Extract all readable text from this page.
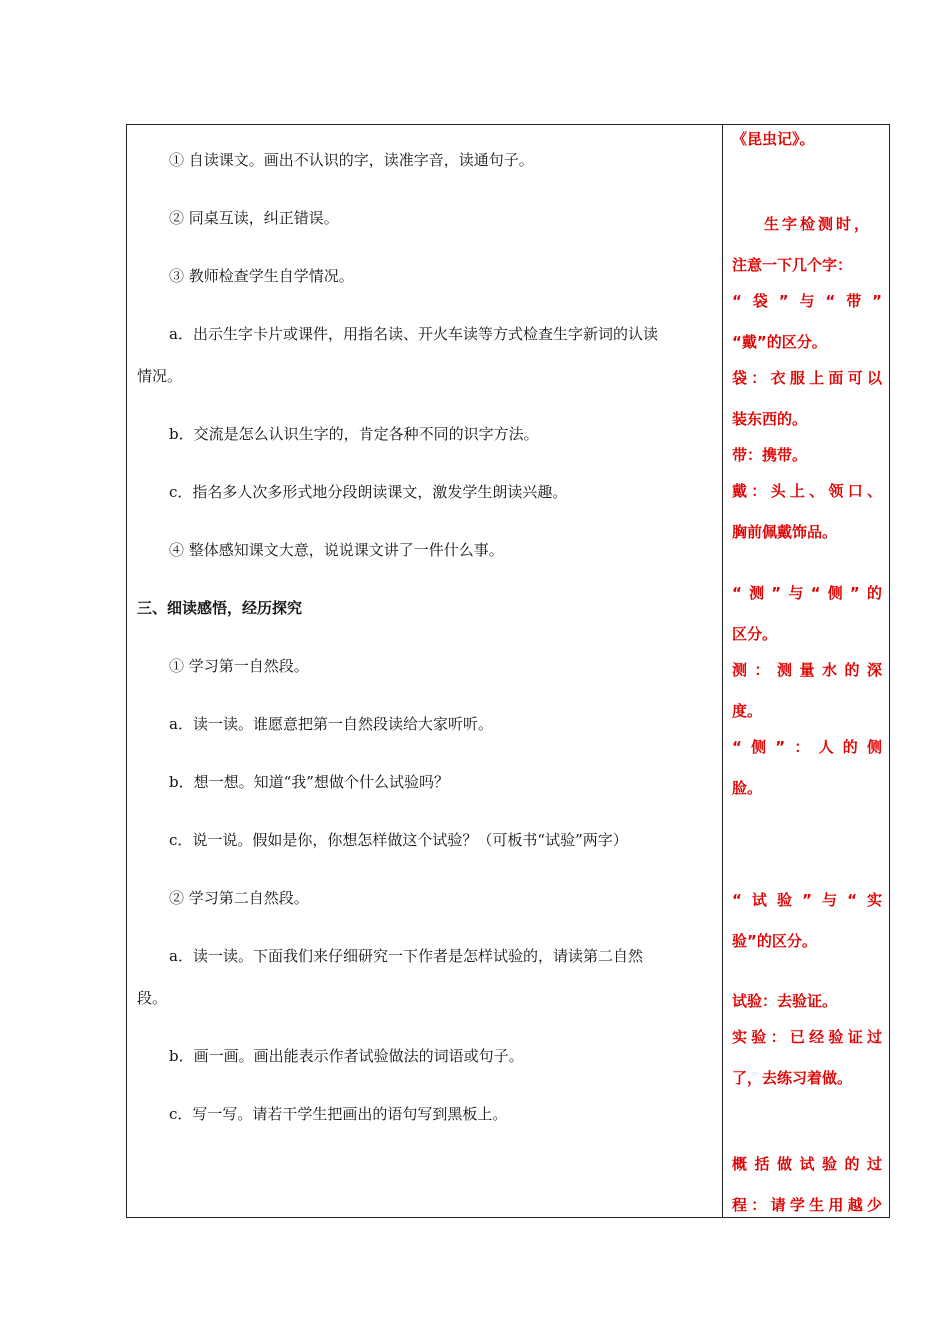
① 自读课文。画出不认识的字，读准字音，读通句子。

② 同桌互读，纠正错误。

③ 教师检查学生自学情况。

a．出示生字卡片或课件，用指名读、开火车读等方式检查生字新词的认读

情况。

b．交流是怎么认识生字的，肯定各种不同的识字方法。

c．指名多人次多形式地分段朗读课文，激发学生朗读兴趣。

④ 整体感知课文大意，说说课文讲了一件什么事。

三、细读感悟，经历探究

① 学习第一自然段。

a．读一读。谁愿意把第一自然段读给大家听听。

b．想一想。知道“我”想做个什么试验吗？

c．说一说。假如是你，你想怎样做这个试验？（可板书“试验”两字）

② 学习第二自然段。

a．读一读。下面我们来仔细研究一下作者是怎样试验的，请读第二自然

段。

b．画一画。画出能表示作者试验做法的词语或句子。

c．写一写。请若干学生把画出的语句写到黑板上。

《昆虫记》。
生字检测时，
注意一下几个字：
“袋”与“带”
“戴”的区分。
袋：衣服上面可以
装东西的。
带：携带。
戴：头上、领口、
胸前佩戴饰品。
“测”与“侧”的
区分。
测：测量水的深
度。
“侧”：人的侧
脸。
“试验”与“实
验”的区分。
试验：去验证。
实验：已经验证过
了，去练习着做。
概括做试验的过
程：请学生用越少
